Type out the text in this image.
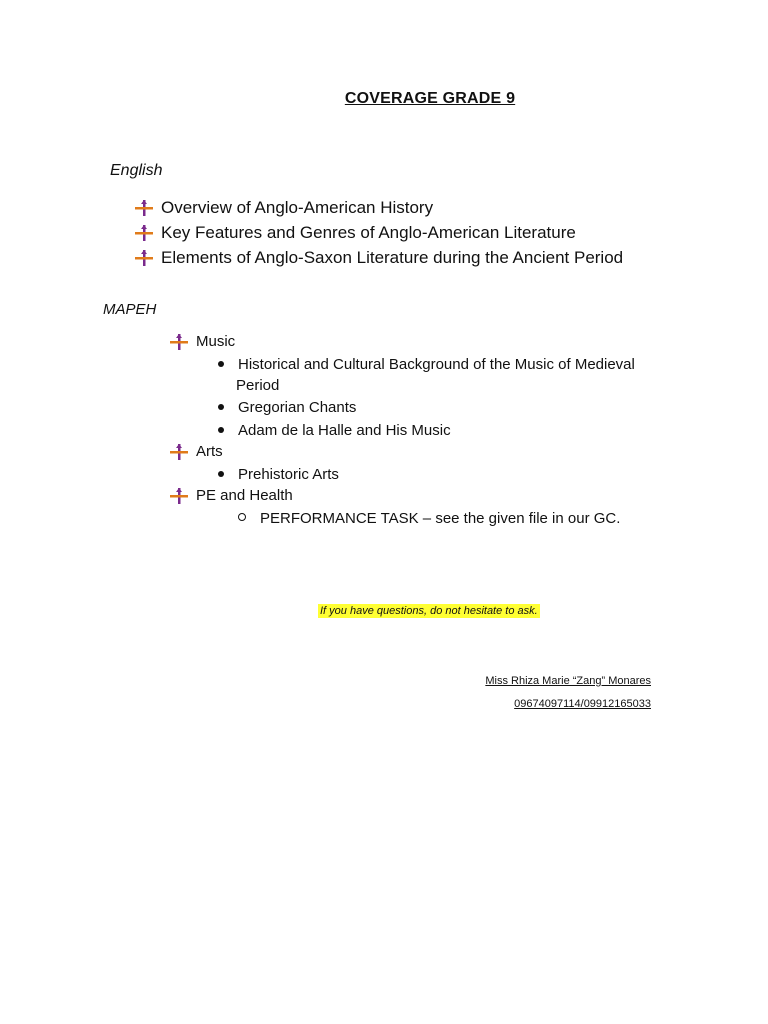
COVERAGE GRADE 9
English
Overview of Anglo-American History
Key Features and Genres of Anglo-American Literature
Elements of Anglo-Saxon Literature during the Ancient Period
MAPEH
Music
Historical and Cultural Background of the Music of Medieval
Period
Gregorian Chants
Adam de la Halle and His Music
Arts
Prehistoric Arts
PE and Health
PERFORMANCE TASK – see the given file in our GC.
If you have questions, do not hesitate to ask.
Miss Rhiza Marie “Zang” Monares
09674097114/09912165033
